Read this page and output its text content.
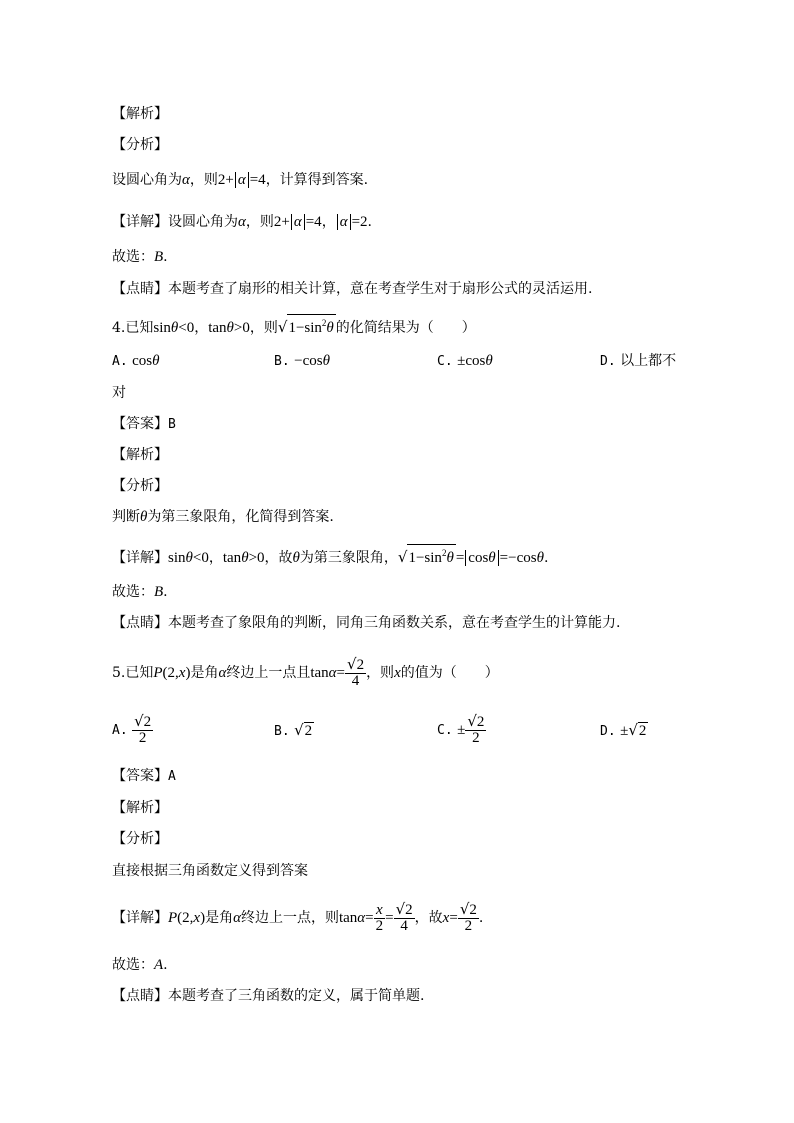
【解析】
【分析】
设圆心角为α，则2+ α =4，计算得到答案.
【详解】设圆心角为α，则2+ α =4， α =2.
故选：B.
【点睛】本题考查了扇形的相关计算，意在考查学生对于扇形公式的灵活运用.
4.已知sinθ<0，tanθ>0，则$√1-\sin^2\theta$ 的化简结果为（　　）
A. cosθ	B. −cosθ	C. ±cosθ	D. 以上都不
对
【答案】B
【解析】
【分析】
判断θ为第三象限角，化简得到答案.
【详解】sinθ<0，tanθ>0，故θ为第三象限角，$√1-\sin^2\theta = \cos\theta =-\cos\theta$.
故选：B.
【点睛】本题考查了象限角的判断，同角三角函数关系，意在考查学生的计算能力.
5.已知P(2,x)是角α终边上一点且$\tan\alpha= \frac{√2}{4}$ ，则x的值为（　　）
A. $\frac{√2}{2}$	B. √2	C. ± $\frac{√2}{2}$	D. ±√2
【答案】A
【解析】
【分析】
直接根据三角函数定义得到答案
【详解】P(2,x)是角α终边上一点，则$\tan\alpha= \frac{x}{2} = \frac{√2}{4}$ ，故$x= \frac{√2}{2}$ .
故选：A.
【点睛】本题考查了三角函数的定义，属于简单题.
